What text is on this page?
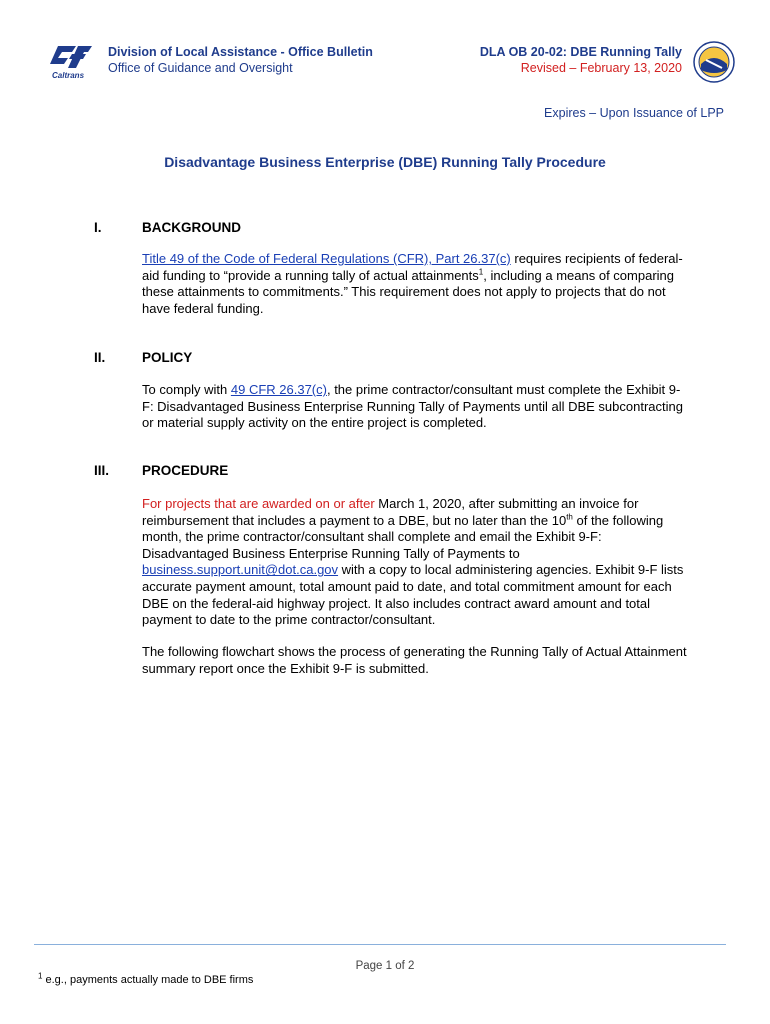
Caltrans
Division of Local Assistance - Office Bulletin
Office of Guidance and Oversight
DLA OB 20-02: DBE Running Tally
Revised – February 13, 2020
Expires – Upon Issuance of LPP
Disadvantage Business Enterprise (DBE) Running Tally Procedure
I.	BACKGROUND
Title 49 of the Code of Federal Regulations (CFR), Part 26.37(c) requires recipients of federal-aid funding to “provide a running tally of actual attainments$^1$, including a means of comparing these attainments to commitments.” This requirement does not apply to projects that do not have federal funding.
II.	POLICY
To comply with 49 CFR 26.37(c), the prime contractor/consultant must complete the Exhibit 9-F: Disadvantaged Business Enterprise Running Tally of Payments until all DBE subcontracting or material supply activity on the entire project is completed.
III. PROCEDURE
For projects that are awarded on or after March 1, 2020, after submitting an invoice for reimbursement that includes a payment to a DBE, but no later than the 10th of the following month, the prime contractor/consultant shall complete and email the Exhibit 9-F: Disadvantaged Business Enterprise Running Tally of Payments to business.support.unit@dot.ca.gov with a copy to local administering agencies. Exhibit 9-F lists accurate payment amount, total amount paid to date, and total commitment amount for each DBE on the federal-aid highway project. It also includes contract award amount and total payment to date to the prime contractor/consultant.
The following flowchart shows the process of generating the Running Tally of Actual Attainment summary report once the Exhibit 9-F is submitted.
Page 1 of 2
$^1$ e.g., payments actually made to DBE firms
